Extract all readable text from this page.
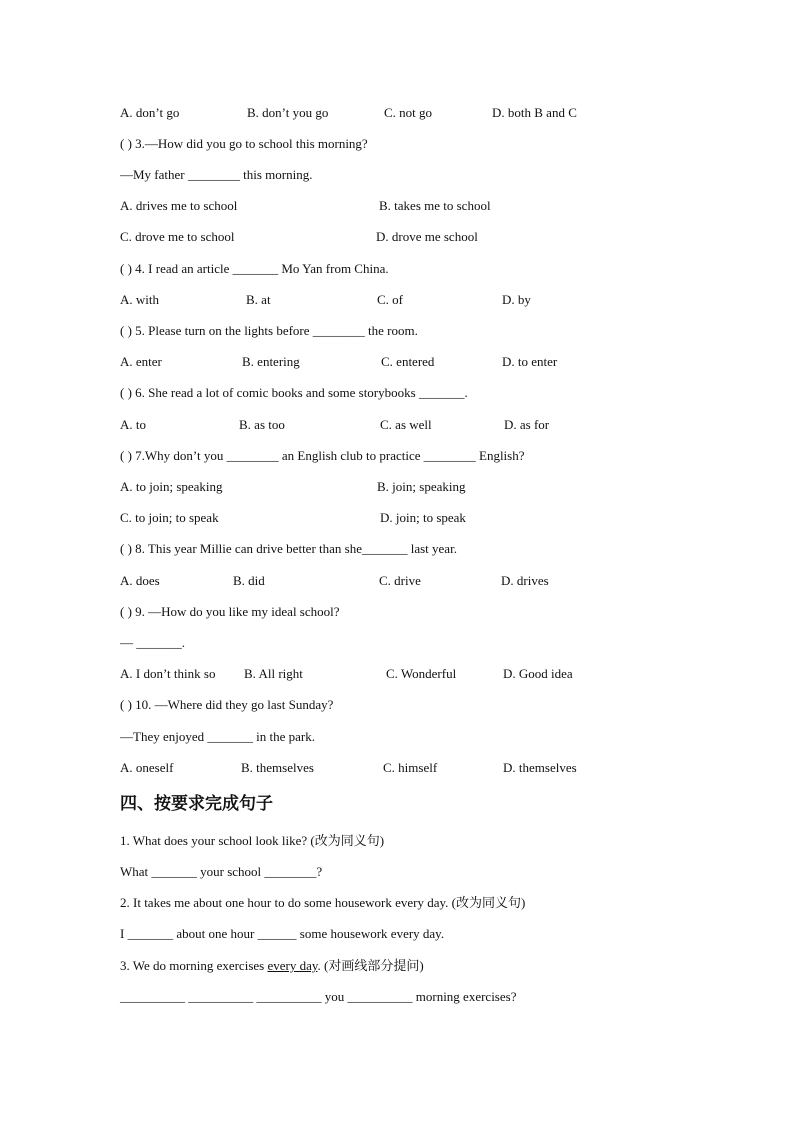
A. don’t go	B. don’t you go	C. not go	D. both B and C
( ) 3.—How did you go to school this morning?
—My father ________ this morning.
A. drives me to school	B. takes me to school
C. drove me to school	D. drove me school
( ) 4. I read an article _______ Mo Yan from China.
A. with	B. at	C. of	D. by
( ) 5. Please turn on the lights before ________ the room.
A. enter	B. entering	C. entered	D. to enter
( ) 6. She read a lot of comic books and some storybooks _______.
A. to	B. as too	C. as well	D. as for
( ) 7.Why don’t you ________ an English club to practice ________ English?
A. to join; speaking	B. join; speaking
C. to join; to speak	D. join; to speak
( ) 8. This year Millie can drive better than she_______ last year.
A. does	B. did	C. drive	D. drives
( ) 9. —How do you like my ideal school?
— _______.
A. I don’t think so B. All right	C. Wonderful	D. Good idea
( ) 10. —Where did they go last Sunday?
—They enjoyed _______ in the park.
A. oneself	B. themselves	C. himself	D. themselves
四、按要求完成句子
1. What does your school look like? (改为同义句)
What _______ your school ________?
2. It takes me about one hour to do some housework every day. (改为同义句)
I _______ about one hour ______ some housework every day.
3. We do morning exercises every day. (对画线部分提问)
__________ __________ __________ you __________ morning exercises?
